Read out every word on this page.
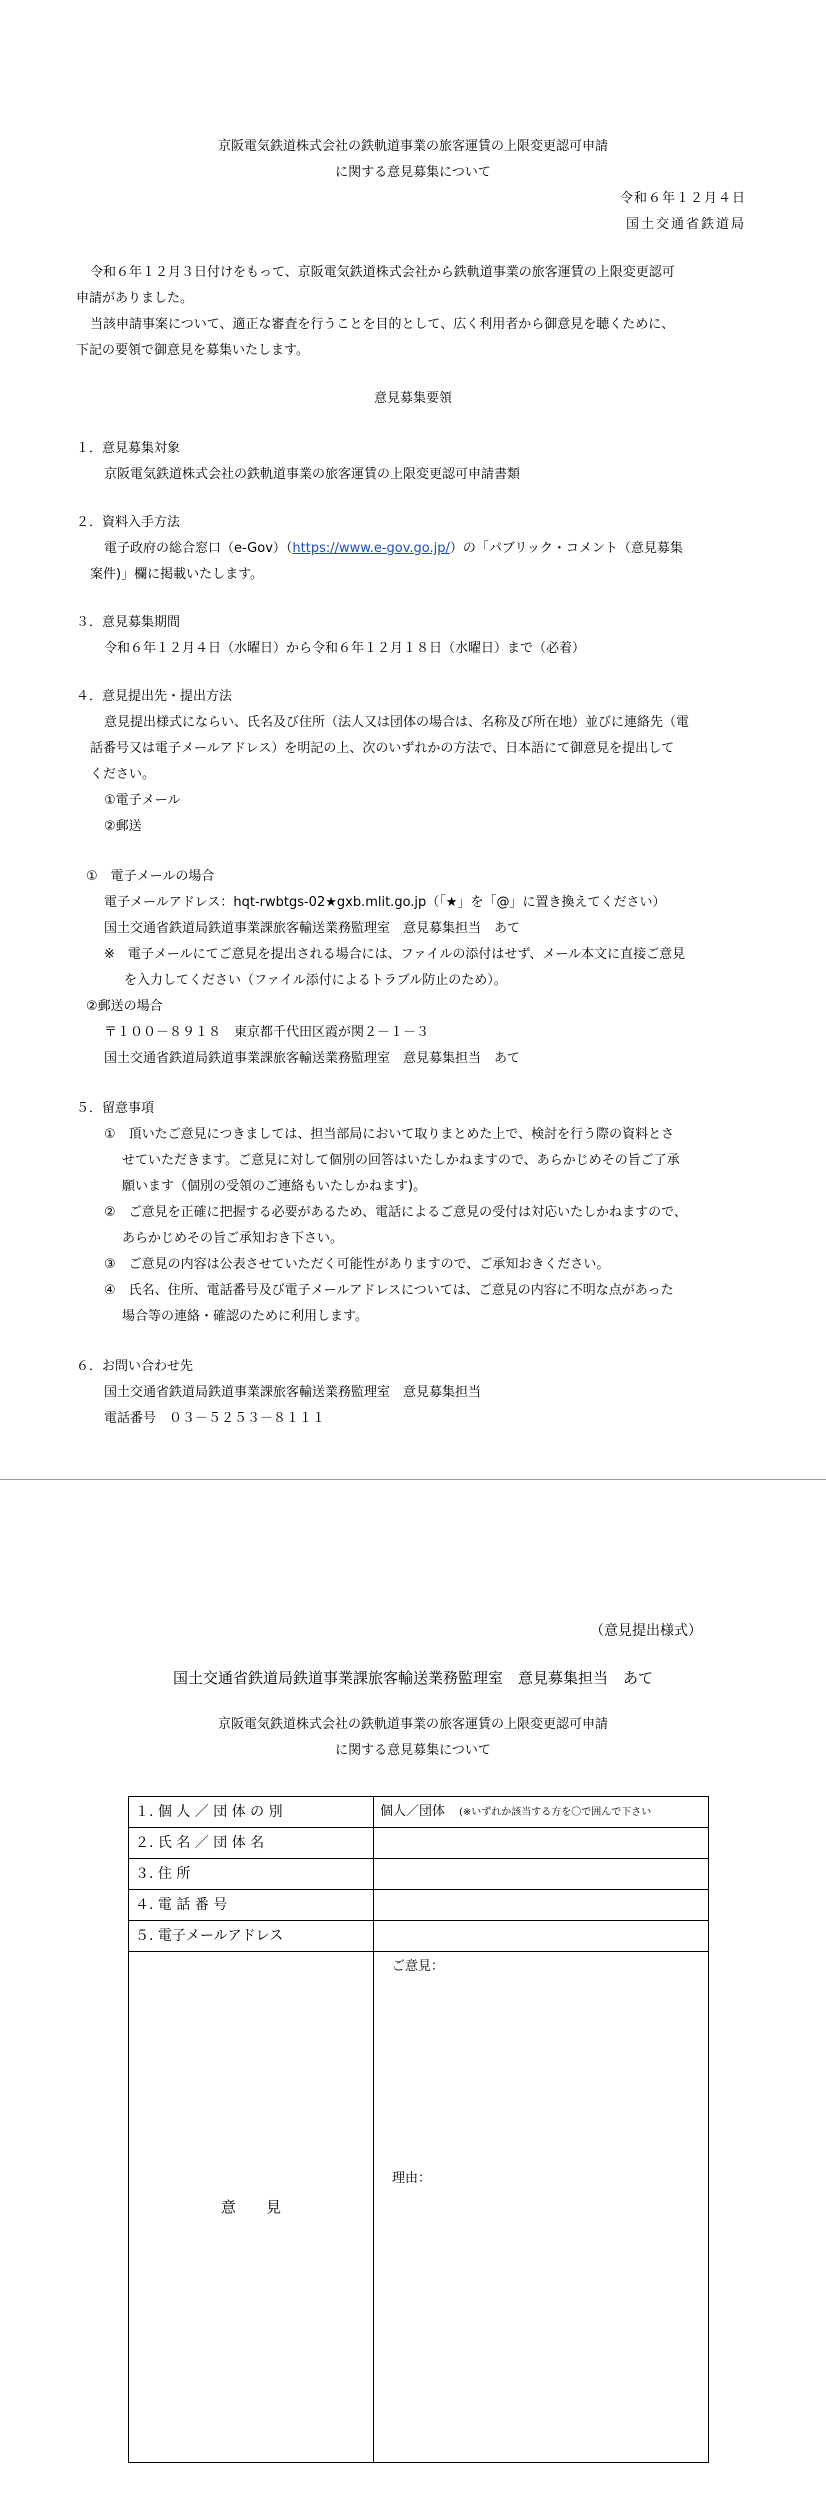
京阪電気鉄道株式会社の鉄軌道事業の旅客運賃の上限変更認可申請
に関する意見募集について
令和６年１２月４日
国土交通省鉄道局
令和６年１２月３日付けをもって、京阪電気鉄道株式会社から鉄軌道事業の旅客運賃の上限変更認可
申請がありました。
当該申請事案について、適正な審査を行うことを目的として、広く利用者から御意見を聴くために、
下記の要領で御意見を募集いたします。
意見募集要領
１．意見募集対象
京阪電気鉄道株式会社の鉄軌道事業の旅客運賃の上限変更認可申請書類
２．資料入手方法
電子政府の総合窓口（e-Gov）（https://www.e-gov.go.jp/）の「パブリック・コメント（意見募集
案件)」欄に掲載いたします。
３．意見募集期間
令和６年１２月４日（水曜日）から令和６年１２月１８日（水曜日）まで（必着）
４．意見提出先・提出方法
意見提出様式にならい、氏名及び住所（法人又は団体の場合は、名称及び所在地）並びに連絡先（電
話番号又は電子メールアドレス）を明記の上、次のいずれかの方法で、日本語にて御意見を提出して
ください。
①電子メール
②郵送
①　電子メールの場合
電子メールアドレス：hqt-rwbtgs-02★gxb.mlit.go.jp（「★」を「@」に置き換えてください）
国土交通省鉄道局鉄道事業課旅客輸送業務監理室　意見募集担当　あて
※　電子メールにてご意見を提出される場合には、ファイルの添付はせず、メール本文に直接ご意見
を入力してください（ファイル添付によるトラブル防止のため）。
②郵送の場合
〒１００－８９１８　東京都千代田区霞が関２－１－３
国土交通省鉄道局鉄道事業課旅客輸送業務監理室　意見募集担当　あて
５．留意事項
①　頂いたご意見につきましては、担当部局において取りまとめた上で、検討を行う際の資料とさ
せていただきます。ご意見に対して個別の回答はいたしかねますので、あらかじめその旨ご了承
願います（個別の受領のご連絡もいたしかねます)。
②　ご意見を正確に把握する必要があるため、電話によるご意見の受付は対応いたしかねますので、
あらかじめその旨ご承知おき下さい。
③　ご意見の内容は公表させていただく可能性がありますので、ご承知おきください。
④　氏名、住所、電話番号及び電子メールアドレスについては、ご意見の内容に不明な点があった
場合等の連絡・確認のために利用します。
６．お問い合わせ先
国土交通省鉄道局鉄道事業課旅客輸送業務監理室　意見募集担当
電話番号　０３－５２５３－８１１１
（意見提出様式）
国土交通省鉄道局鉄道事業課旅客輸送業務監理室　意見募集担当　あて
京阪電気鉄道株式会社の鉄軌道事業の旅客運賃の上限変更認可申請
に関する意見募集について
１. 個 人 ／ 団 体 の 別	個人／団体 (※いずれか該当する方を〇で囲んで下さい
２. 氏 名 ／ 団 体 名	

３. 住 所	

４. 電 話 番 号	
５. 電子メールアドレス	
意　　見	ご意見：
理由：
